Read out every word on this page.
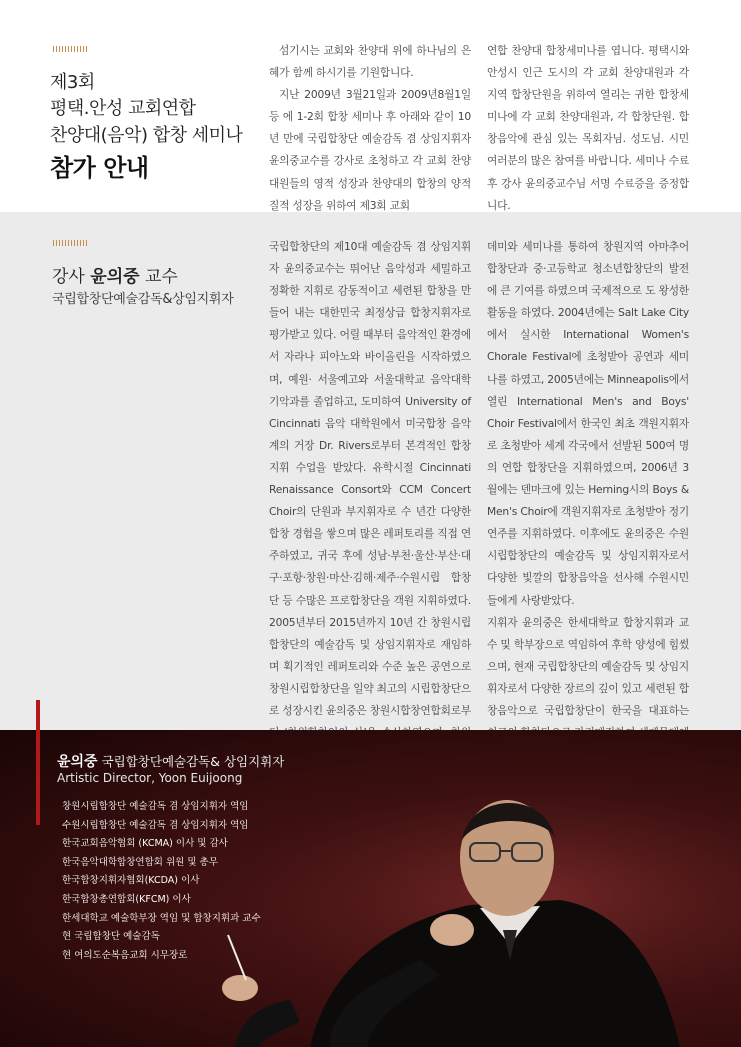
제3회
평택.안성 교회연합
찬양대(음악) 합창 세미나
참가 안내

섬기시는 교회와 찬양대 위에 하나님의 은혜가 함께 하시기를 기원합니다.

지난 2009년 3월21일과 2009년8월1일 등 에 1-2회 합창 세미나 후 아래와 같이 10년 만에 국립합창단 예술감독 겸 상임지휘자 윤의중교수를 강사로 초청하고 각 교회 찬양대원들의 영적 성장과 찬양대의 합창의 양적 질적 성장을 위하여 제3회 교회

연합 찬양대 합창세미나를 엽니다. 평택시와 안성시 인근 도시의 각 교회 찬양대원과 각 지역 합창단원을 위하여 열리는 귀한 합창세미나에 각 교회 찬양대원과, 각 합창단원. 합창음악에 관심 있는 목회자님. 성도님. 시민 여러분의 많은 참여를 바랍니다. 세미나 수료 후 강사 윤의중교수님 서명 수료증을 증정합니다.

강사 윤의중 교수
국립합창단예술감독&상임지휘자

국립합창단의 제10대 예술감독 겸 상임지휘자 윤의중교수는 뛰어난 음악성과 세밀하고 정확한 지휘로 감동적이고 세련된 합창을 만들어 내는 대한민국 최정상급 합창지휘자로 평가받고 있다. 어릴 때부터 음악적인 환경에서 자라나 피아노와 바이올린을 시작하였으며, 예원· 서울예고와 서울대학교 음악대학 기악과를 졸업하고, 도미하여 University of Cincinnati 음악 대학원에서 미국합창 음악계의 거장 Dr. Rivers로부터 본격적인 합창지휘 수업을 받았다. 유학시절 Cincinnati Renaissance Consort와 CCM Concert Choir의 단원과 부지휘자로 수 년간 다양한 합창 경험을 쌓으며 많은 레퍼토리를 직접 연주하였고, 귀국 후에 성남·부천·울산·부산·대구·포항·창원·마산·김해·제주·수원시립 합창단 등 수많은 프로합창단을 객원 지휘하였다. 2005년부터 2015년까지 10년 간 창원시립합창단의 예술감독 및 상임지휘자로 재임하며 획기적인 레퍼토리와 수준 높은 공연으로 창원시립합창단을 일약 최고의 시립합창단으로 성장시킨 윤의중은 창원시합창연합회로부

데미와 세미나를 통하여 창원지역 아마추어 합창단과 중·고등학교 청소년합창단의 발전에 큰 기여를 하였으며 국제적으로 도 왕성한 활동을 하였다. 2004년에는 Salt Lake City에서 실시한 International Women's Chorale Festival에 초청받아 공연과 세미나를 하였고, 2005년에는 Minneapolis에서 열린 International Men's and Boys' Choir Festival에서 한국인 최초 객원지휘자로 초청받아 세계 각국에서 선발된 500여 명의 연합 합창단을 지휘하였으며, 2006년 3월에는 덴마크에 있는 Herning시의 Boys & Men's Choir에 객원지휘자로 초청받아 정기연주를 지휘하였다. 이후에도 윤의중은 수원시립합창단의 예술감독 및 상임지휘자로서 다양한 빛깔의 합창음악을 선사해 수원시민들에게 사랑받았다.

지휘자 윤의중은 한세대학교 합창지휘과 교수 및 학부장으로 역임하여 후학 양성에 힘썼으며, 현재 국립합창단의 예술감독 및 상임지휘자로서 다양한 장르의 깊이 있고 세련된 합창음악으로 국립합창단이 한국을 대표하는

윤의중 국립합창단예술감독& 상임지휘자
Artistic Director, Yoon Euijoong
창원시립합창단 예술감독 겸 상임지휘자 역임
수원시립합창단 예술감독 겸 상임지휘자 역임
한국교회음악협회 (KCMA) 이사 및 감사
한국음악대학합창연합회 위원 및 총무
한국합창지휘자협회(KCDA) 이사
한국합창총연합회(KFCM) 이사
한세대학교 예술학부장 역임 및 합창지휘과 교수
현 국립합창단 예술감독
현 여의도순복음교회 시무장로
